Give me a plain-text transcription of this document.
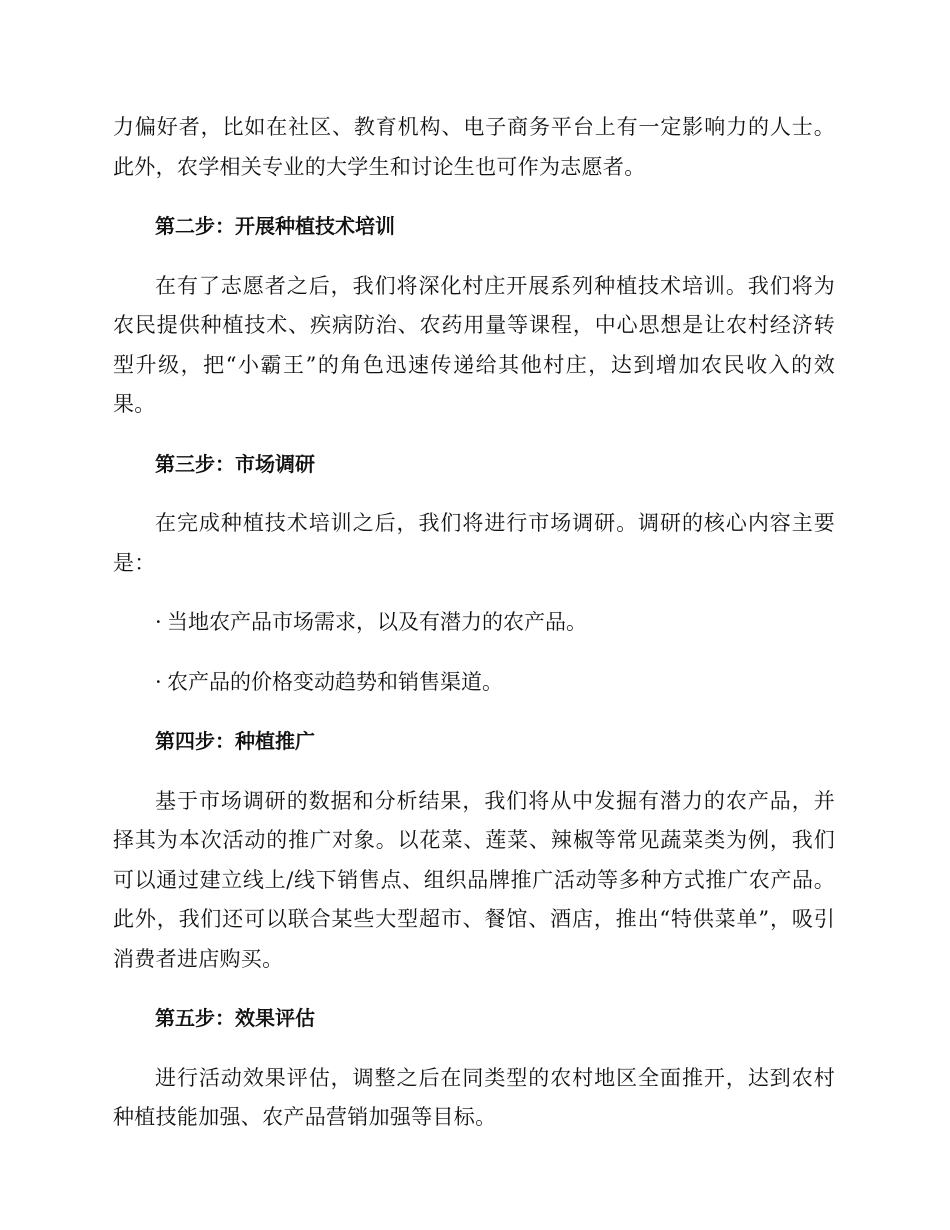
力偏好者，比如在社区、教育机构、电子商务平台上有一定影响力的人士。此外，农学相关专业的大学生和讨论生也可作为志愿者。

第二步：开展种植技术培训

在有了志愿者之后，我们将深化村庄开展系列种植技术培训。我们将为农民提供种植技术、疾病防治、农药用量等课程，中心思想是让农村经济转型升级，把“小霸王”的角色迅速传递给其他村庄，达到增加农民收入的效果。

第三步：市场调研

在完成种植技术培训之后，我们将进行市场调研。调研的核心内容主要是：

· 当地农产品市场需求，以及有潜力的农产品。
· 农产品的价格变动趋势和销售渠道。
第四步：种植推广

基于市场调研的数据和分析结果，我们将从中发掘有潜力的农产品，并择其为本次活动的推广对象。以花菜、莲菜、辣椒等常见蔬菜类为例，我们可以通过建立线上/线下销售点、组织品牌推广活动等多种方式推广农产品。此外，我们还可以联合某些大型超市、餐馆、酒店，推出“特供菜单”，吸引消费者进店购买。

第五步：效果评估

进行活动效果评估，调整之后在同类型的农村地区全面推开，达到农村种植技能加强、农产品营销加强等目标。
